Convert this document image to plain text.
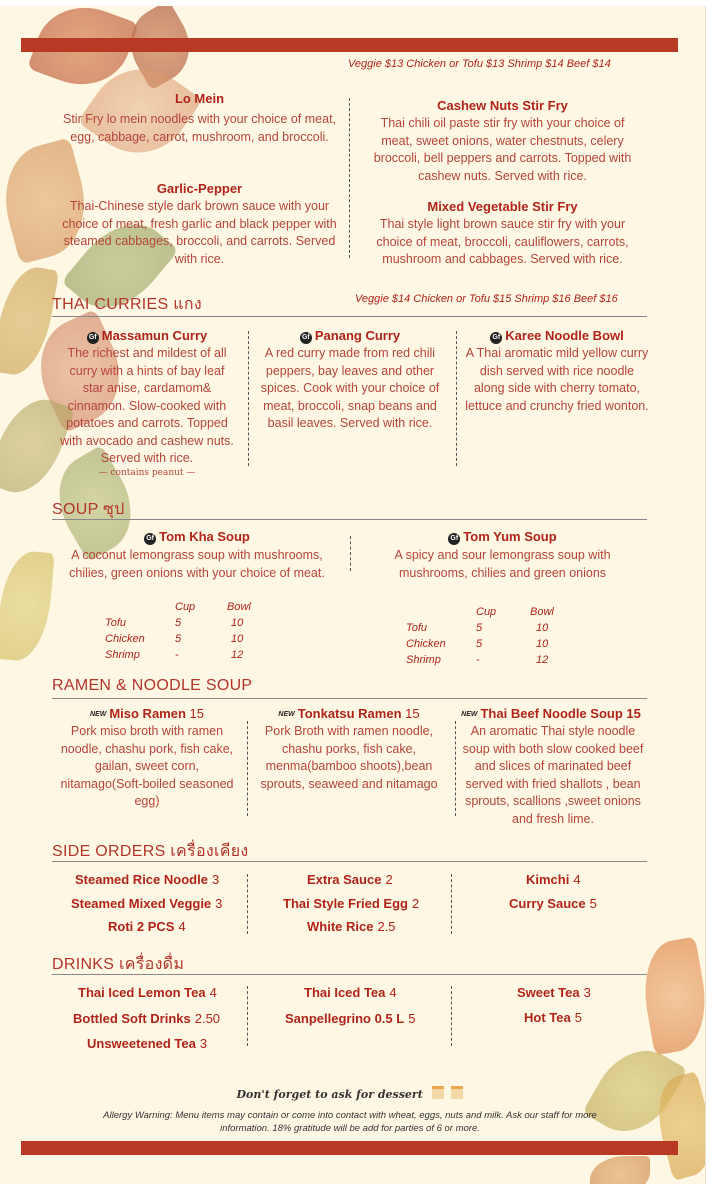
Veggie $13 Chicken or Tofu $13 Shrimp $14 Beef $14
Lo Mein
Stir Fry lo mein noodles with your choice of meat, egg, cabbage, carrot, mushroom, and broccoli.
Garlic-Pepper
Thai-Chinese style dark brown sauce with your choice of meat, fresh garlic and black pepper with steamed cabbages, broccoli, and carrots. Served with rice.
Cashew Nuts Stir Fry
Thai chili oil paste stir fry with your choice of meat, sweet onions, water chestnuts, celery broccoli, bell peppers and carrots. Topped with cashew nuts. Served with rice.
Mixed Vegetable Stir Fry
Thai style light brown sauce stir fry with your choice of meat, broccoli, cauliflowers, carrots, mushroom and cabbages. Served with rice.
THAI CURRIES แกง	Veggie $14 Chicken or Tofu $15 Shrimp $16 Beef $16
Gf Massamun Curry
The richest and mildest of all curry with a hints of bay leaf star anise, cardamom& cinnamon. Slow-cooked with potatoes and carrots. Topped with avocado and cashew nuts. Served with rice.
— contains peanut —
Gf Panang Curry
A red curry made from red chili peppers, bay leaves and other spices. Cook with your choice of meat, broccoli, snap beans and basil leaves. Served with rice.
Gf Karee Noodle Bowl
A Thai aromatic mild yellow curry dish served with rice noodle along side with cherry tomato, lettuce and crunchy fried wonton.
SOUP ซุป
Gf Tom Kha Soup
A coconut lemongrass soup with mushrooms, chilies, green onions with your choice of meat.
Gf Tom Yum Soup
A spicy and sour lemongrass soup with mushrooms, chilies and green onions
Cup	Bowl
Tofu	5	10
Chicken	5	10
Shrimp	-	12
Cup	Bowl
Tofu	5	10
Chicken	5	10
Shrimp	-	12
RAMEN & NOODLE SOUP
NEW Miso Ramen 15
Pork miso broth with ramen noodle, chashu pork, fish cake, gailan, sweet corn, nitamago(Soft-boiled seasoned egg)
NEW Tonkatsu Ramen 15
Pork Broth with ramen noodle, chashu porks, fish cake, menma(bamboo shoots),bean sprouts, seaweed and nitamago
NEW Thai Beef Noodle Soup 15
An aromatic Thai style noodle soup with both slow cooked beef and slices of marinated beef served with fried shallots , bean sprouts, scallions ,sweet onions and fresh lime.
SIDE ORDERS เครื่องเคียง
Steamed Rice Noodle 3
Steamed Mixed Veggie 3
Roti 2 PCS 4
Extra Sauce 2
Thai Style Fried Egg 2
White Rice 2.5
Kimchi 4
Curry Sauce 5
DRINKS เครื่องดื่ม
Thai Iced Lemon Tea 4
Bottled Soft Drinks 2.50
Unsweetened Tea 3
Thai Iced Tea 4
Sanpellegrino 0.5 L 5
Sweet Tea 3
Hot Tea 5
Don't forget to ask for dessert
Allergy Warning: Menu items may contain or come into contact with wheat, eggs, nuts and milk. Ask our staff for more information. 18% gratitude will be add for parties of 6 or more.
